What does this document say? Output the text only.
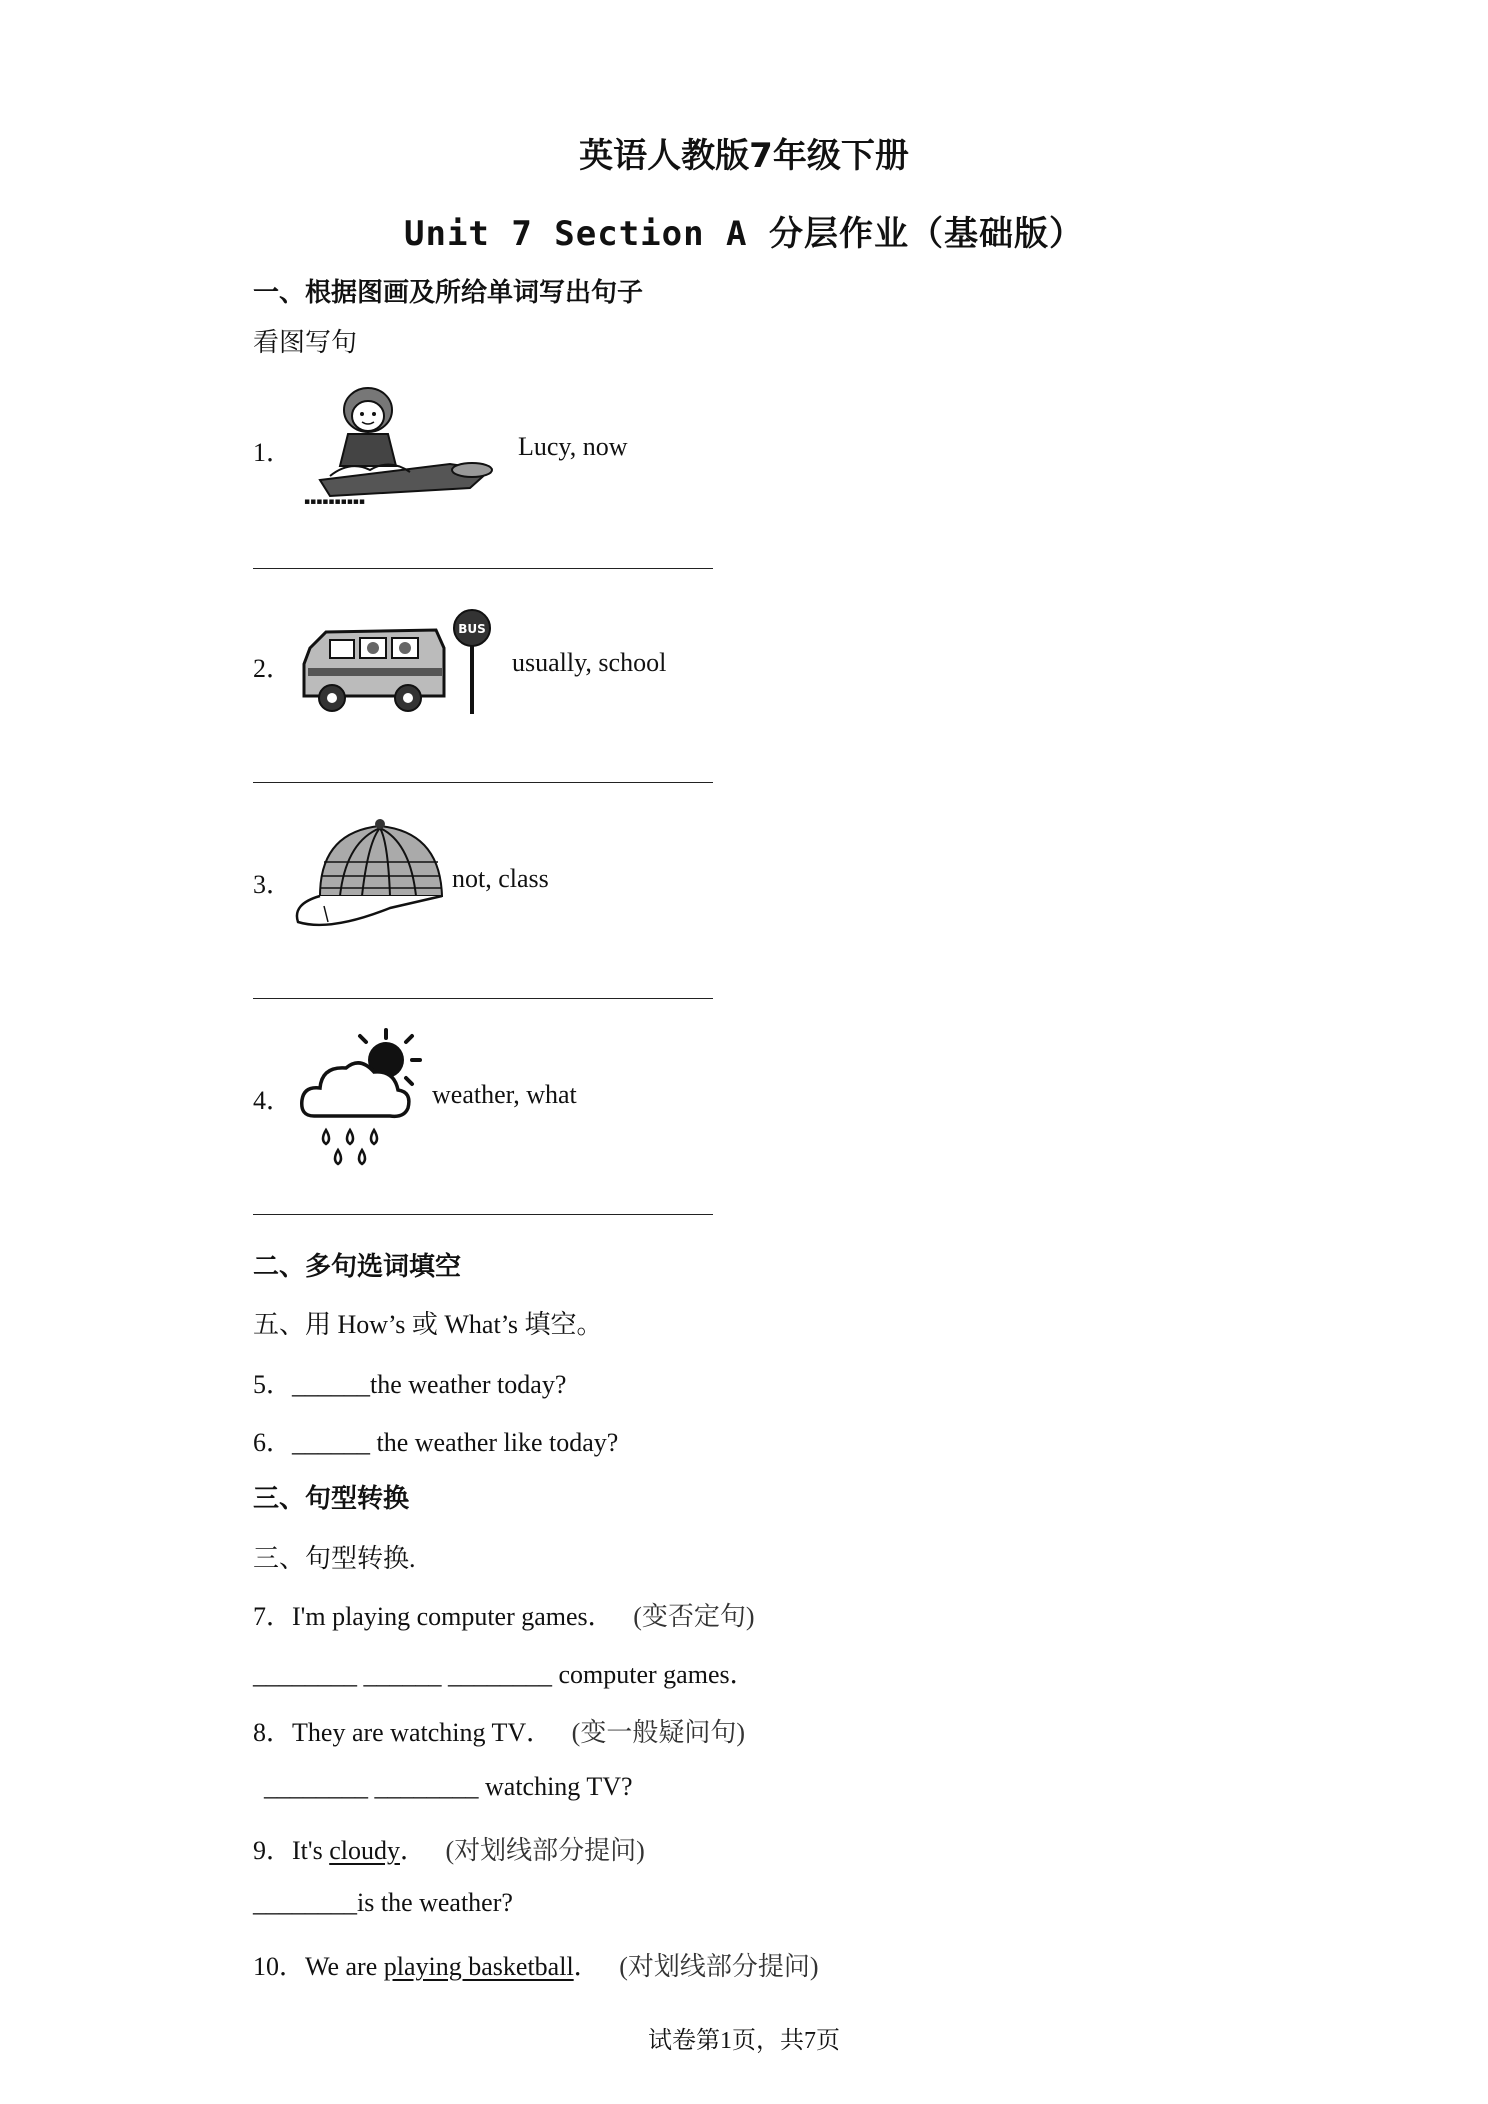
英语人教版7年级下册
Unit 7 Section A 分层作业（基础版）
一、根据图画及所给单词写出句子
看图写句
1．
▪▪▪▪▪▪▪▪▪▪
Lucy, now
2．
BUS
usually, school
3．	not, class
4．	weather, what
二、多句选词填空
五、用 How’s 或 What’s 填空。
5．______the weather today?
6．______ the weather like today?
三、句型转换
三、句型转换.
7．I'm playing computer games． (变否定句)
________ ______ ________ computer games．
8．They are watching TV． (变一般疑问句)
________ ________ watching TV?
9．It's cloudy． (对划线部分提问)
________is the weather?
10．We are playing basketball． (对划线部分提问)
试卷第1页，共7页
